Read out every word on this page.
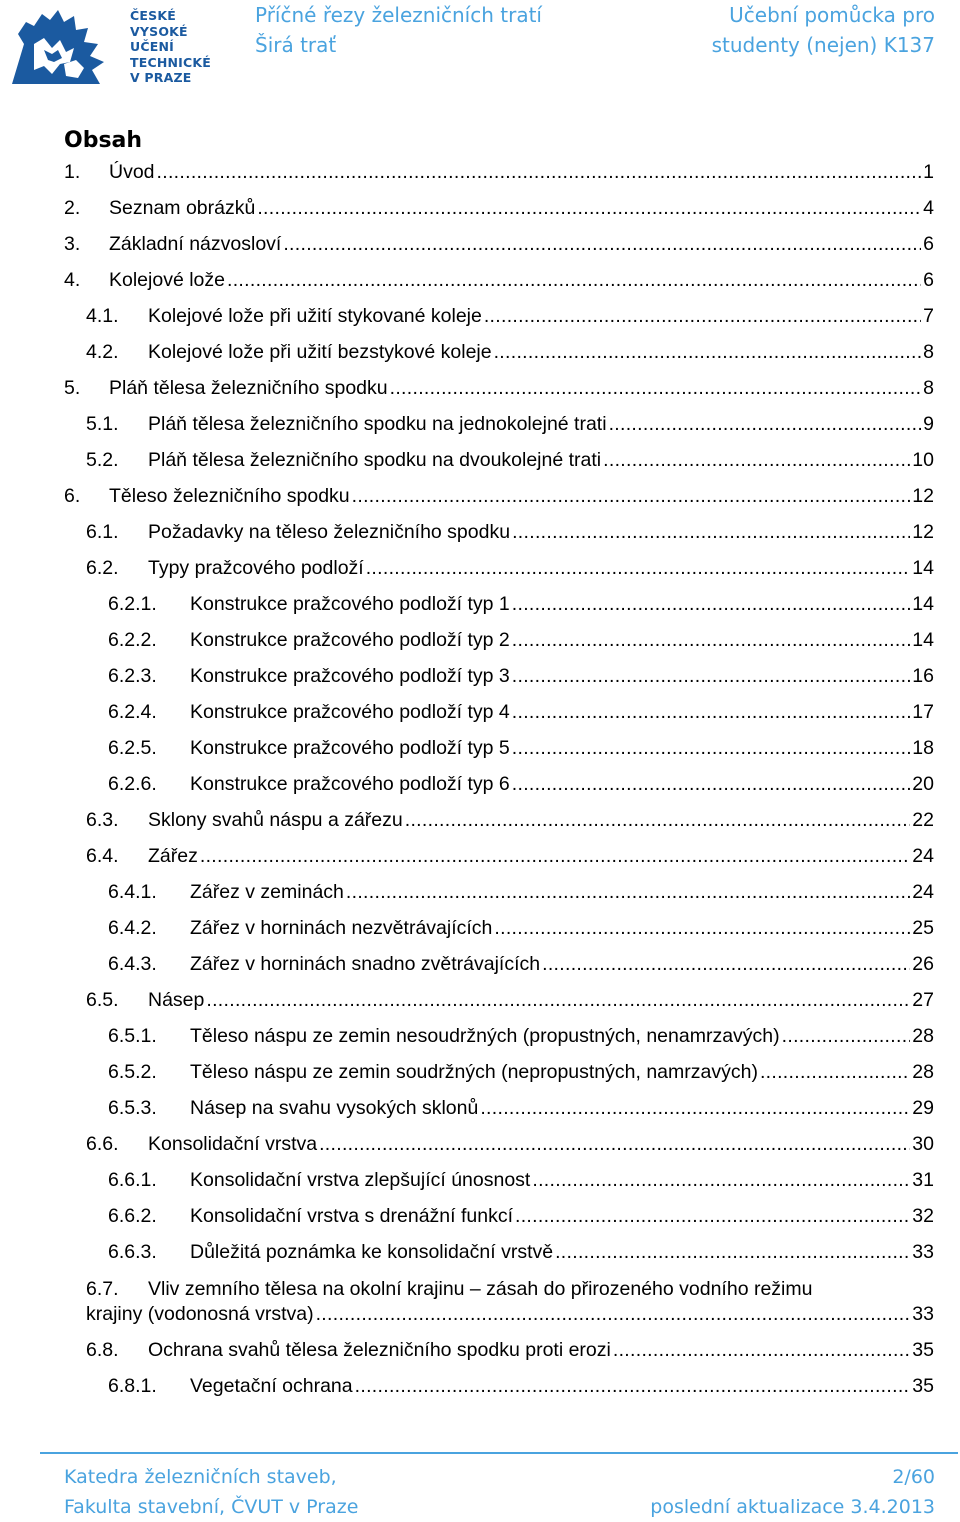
ČESKÉ
VYSOKÉ
UČENÍ
TECHNICKÉ
V PRAZE
Příčné řezy železničních tratí
Širá trať
Učební pomůcka pro
studenty (nejen) K137
Obsah
1.	Úvod .....	1
2.	Seznam obrázků .....	4
3.	Základní názvosloví .....	6
4.	Kolejové lože .....	6
4.1.	Kolejové lože při užití stykované koleje .....	7
4.2.	Kolejové lože při užití bezstykové koleje .....	8
5.	Pláň tělesa železničního spodku .....	8
5.1.	Pláň tělesa železničního spodku na jednokolejné trati .....	9
5.2.	Pláň tělesa železničního spodku na dvoukolejné trati .....	10
6.	Těleso železničního spodku .....	12
6.1.	Požadavky na těleso železničního spodku .....	12
6.2.	Typy pražcového podloží .....	14
6.2.1.	Konstrukce pražcového podloží typ 1 .....	14
6.2.2.	Konstrukce pražcového podloží typ 2 .....	14
6.2.3.	Konstrukce pražcového podloží typ 3 .....	16
6.2.4.	Konstrukce pražcového podloží typ 4 .....	17
6.2.5.	Konstrukce pražcového podloží typ 5 .....	18
6.2.6.	Konstrukce pražcového podloží typ 6 .....	20
6.3.	Sklony svahů náspu a zářezu .....	22
6.4.	Zářez .....	24
6.4.1.	Zářez v zeminách .....	24
6.4.2.	Zářez v horninách nezvětrávajících .....	25
6.4.3.	Zářez v horninách snadno zvětrávajících .....	26
6.5.	Násep .....	27
6.5.1.	Těleso náspu ze zemin nesoudržných (propustných, nenamrzavých) .....	28
6.5.2.	Těleso náspu ze zemin soudržných (nepropustných, namrzavých) .....	28
6.5.3.	Násep na svahu vysokých sklonů .....	29
6.6.	Konsolidační vrstva .....	30
6.6.1.	Konsolidační vrstva zlepšující únosnost .....	31
6.6.2.	Konsolidační vrstva s drenážní funkcí .....	32
6.6.3.	Důležitá poznámka ke konsolidační vrstvě .....	33
6.7. Vliv zemního tělesa na okolní krajinu – zásah do přirozeného vodního režimu
krajiny (vodonosná vrstva) .....	33
6.8.	Ochrana svahů tělesa železničního spodku proti erozi .....	35
6.8.1.	Vegetační ochrana .....	35
Katedra železničních staveb,
Fakulta stavební, ČVUT v Praze
2/60
poslední aktualizace 3.4.2013
